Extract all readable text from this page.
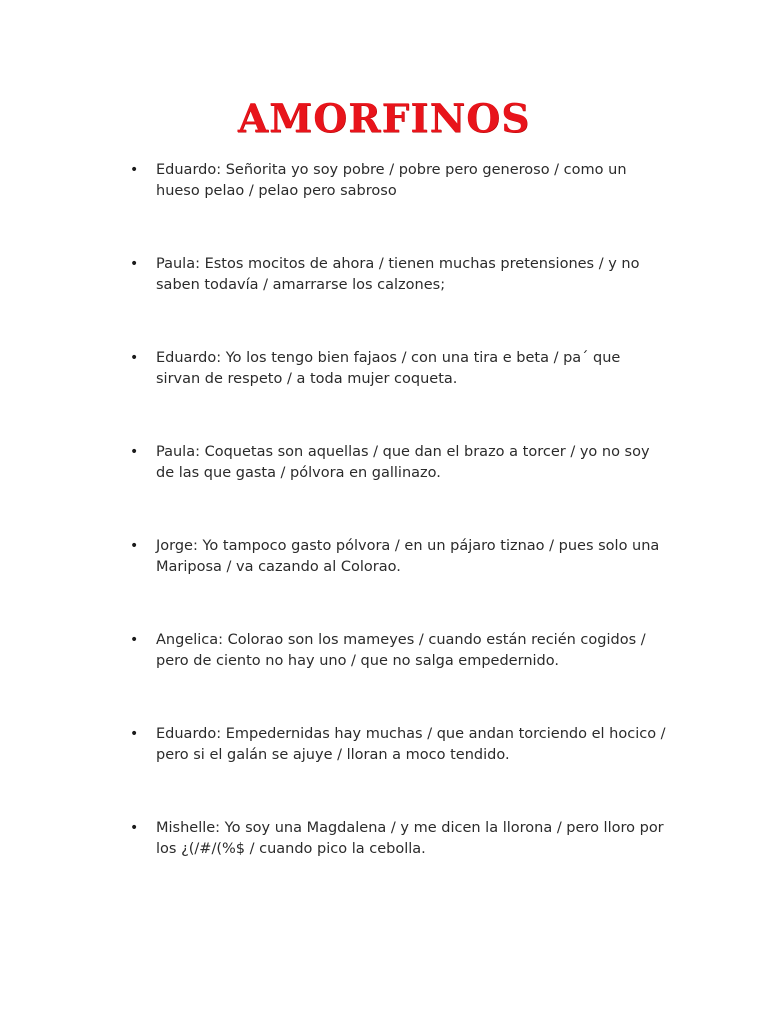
AMORFINOS
• Eduardo: Señorita yo soy pobre / pobre pero generoso / como un hueso pelao / pelao pero sabroso
• Paula: Estos mocitos de ahora / tienen muchas pretensiones / y no saben todavía / amarrarse los calzones;
• Eduardo: Yo los tengo bien fajaos / con una tira e beta / pa´ que sirvan de respeto / a toda mujer coqueta.
• Paula: Coquetas son aquellas / que dan el brazo a torcer / yo no soy de las que gasta / pólvora en gallinazo.
• Jorge: Yo tampoco gasto pólvora / en un pájaro tiznao / pues solo una Mariposa / va cazando al Colorao.
• Angelica: Colorao son los mameyes / cuando están recién cogidos / pero de ciento no hay uno / que no salga empedernido.
• Eduardo: Empedernidas hay muchas / que andan torciendo el hocico / pero si el galán se ajuye / lloran a moco tendido.
• Mishelle: Yo soy una Magdalena / y me dicen la llorona / pero lloro por los ¿(/#/(%$ / cuando pico la cebolla.
